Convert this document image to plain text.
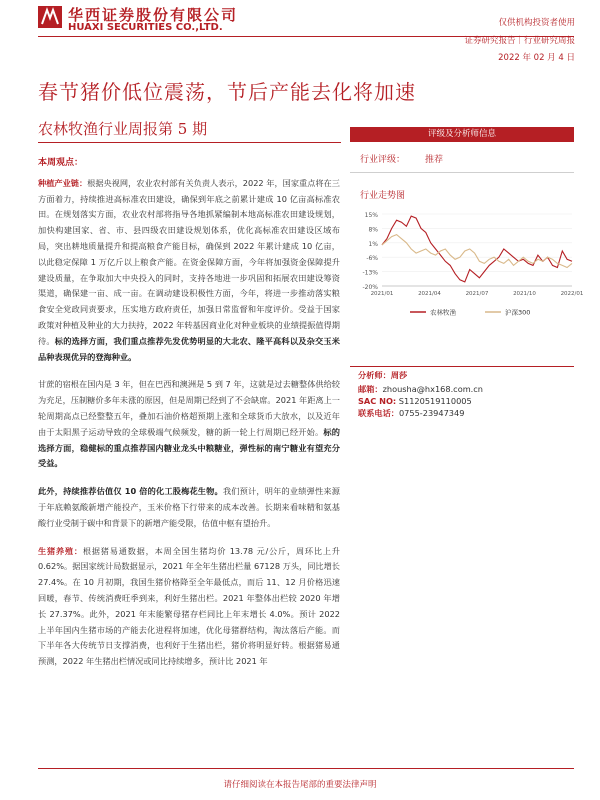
华西证券股份有限公司
HUAXI SECURITIES CO.,LTD.	仅供机构投资者使用
证券研究报告｜行业研究周报
2022 年 02 月 4 日
春节猪价低位震荡，节后产能去化将加速
农林牧渔行业周报第 5 期

本周观点：

种植产业链：根据央视网，农业农村部有关负责人表示，2022 年，国家重点将在三方面着力，持续推进高标准农田建设，确保到年底之前累计建成 10 亿亩高标准农田。在规划落实方面，农业农村部将指导各地抓紧编制本地高标准农田建设规划，加快构建国家、省、市、县四级农田建设规划体系，优化高标准农田建设区域布局，突出耕地质量提升和提高粮食产能目标，确保到 2022 年累计建成 10 亿亩，以此稳定保障 1 万亿斤以上粮食产能。在资金保障方面，今年将加强资金保障提升建设质量，在争取加大中央投入的同时，支持各地进一步巩固和拓展农田建设筹资渠道，确保建一亩、成一亩。在调动建设积极性方面，今年，将进一步推动落实粮食安全党政同责要求，压实地方政府责任，加强日常监督和年度评价。受益于国家政策对种植及种业的大力扶持，2022 年转基因商业化对种业板块的业绩提振值得期待。标的选择方面，我们重点推荐先发优势明显的大北农、隆平高科以及杂交玉米品种表现优异的登海种业。

甘蔗的宿根在国内是 3 年，但在巴西和澳洲是 5 到 7 年，这就是过去糖整体供给较为充足，压制糖价多年未涨的原因，但是周期已经到了不会缺席。2021 年距离上一轮周期高点已经整整五年，叠加石油价格超预期上涨和全球货币大放水，以及近年由于太阳黑子运动导致的全球极端气候频发，糖的新一轮上行周期已经开始。标的选择方面，稳健标的重点推荐国内糖业龙头中粮糖业，弹性标的南宁糖业有望充分受益。

此外，持续推荐估值仅 10 倍的化工股梅花生物。我们预计，明年的业绩弹性来源于年底赖氨酸新增产能投产，玉米价格下行带来的成本改善。长期来看味精和氨基酸行业受制于碳中和背景下的新增产能受限，估值中枢有望抬升。

生猪养殖：根据猪易通数据，本周全国生猪均价 13.78 元/公斤，周环比上升 0.62%。据国家统计局数据显示，2021 年全年生猪出栏量 67128 万头，同比增长 27.4%。在 10 月初期，我国生猪价格降至全年最低点，而后 11、12 月价格迅速回暖，春节、传统消费旺季到来，利好生猪出栏。2021 年整体出栏较 2020 年增长 27.37%。此外，2021 年末能繁母猪存栏同比上年末增长 4.0%。预计 2022 上半年国内生猪市场的产能去化进程将加速，优化母猪群结构，淘汰落后产能。而下半年各大传统节日支撑消费，也利好于生猪出栏，猪价将明显好转。根据猪易通预测，2022 年生猪出栏情况或同比持续增多，预计比 2021 年

评级及分析师信息
行业评级： 推荐
行业走势图
15%
8%
1%
-6%
-13%
-20%
2021/01	2021/04	2021/07	2021/10	2022/01
农林牧渔	沪深300
分析师：周莎
邮箱：zhousha@hx168.com.cn
SAC NO: S1120519110005
联系电话：0755-23947349
请仔细阅读在本报告尾部的重要法律声明
